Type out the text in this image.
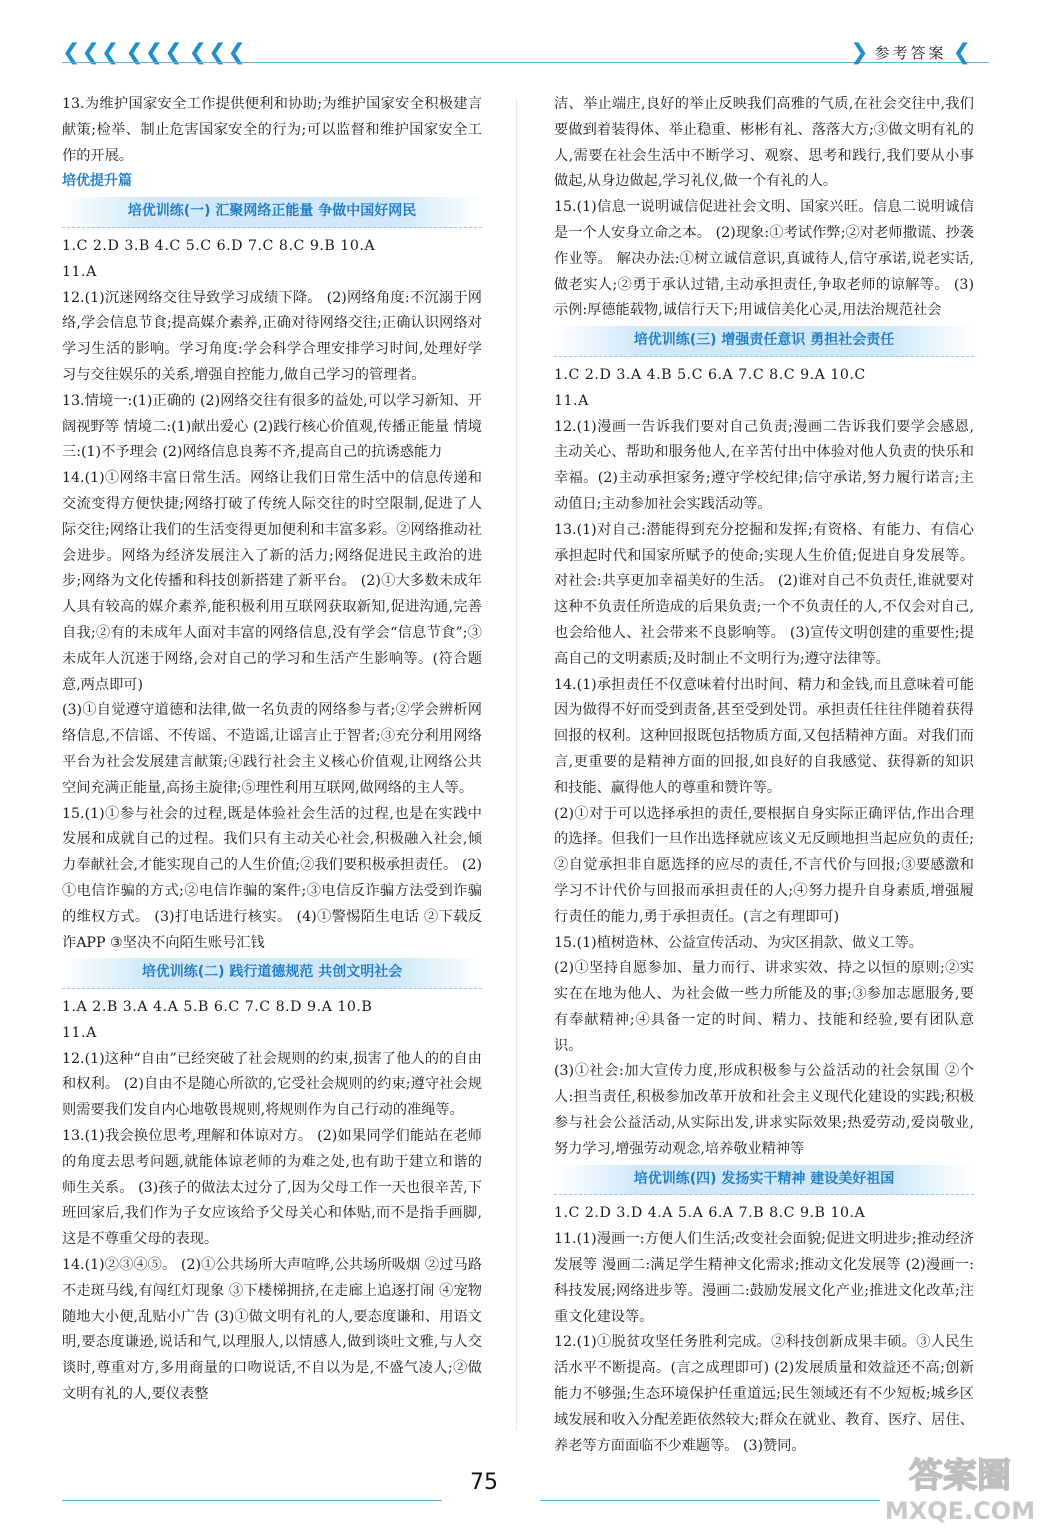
❮ ❮ ❮ ❮ ❮ ❮ ❮ ❮ ❮	❯ 参考答案 ❮

13.为维护国家安全工作提供便利和协助;为维护国家安全积极建言献策;检举、制止危害国家安全的行为;可以监督和维护国家安全工作的开展。

培优提升篇

培优训练(一) 汇聚网络正能量 争做中国好网民

1.C 2.D 3.B 4.C 5.C 6.D 7.C 8.C 9.B 10.A

11.A

12.(1)沉迷网络交往导致学习成绩下降。 (2)网络角度:不沉溺于网络,学会信息节食;提高媒介素养,正确对待网络交往;正确认识网络对学习生活的影响。学习角度:学会科学合理安排学习时间,处理好学习与交往娱乐的关系,增强自控能力,做自己学习的管理者。

13.情境一:(1)正确的 (2)网络交往有很多的益处,可以学习新知、开阔视野等 情境二:(1)献出爱心 (2)践行核心价值观,传播正能量 情境三:(1)不予理会 (2)网络信息良莠不齐,提高自己的抗诱惑能力

14.(1)①网络丰富日常生活。网络让我们日常生活中的信息传递和交流变得方便快捷;网络打破了传统人际交往的时空限制,促进了人际交往;网络让我们的生活变得更加便利和丰富多彩。②网络推动社会进步。网络为经济发展注入了新的活力;网络促进民主政治的进步;网络为文化传播和科技创新搭建了新平台。 (2)①大多数未成年人具有较高的媒介素养,能积极利用互联网获取新知,促进沟通,完善自我;②有的未成年人面对丰富的网络信息,没有学会“信息节食”;③未成年人沉迷于网络,会对自己的学习和生活产生影响等。(符合题意,两点即可)

(3)①自觉遵守道德和法律,做一名负责的网络参与者;②学会辨析网络信息,不信谣、不传谣、不造谣,让谣言止于智者;③充分利用网络平台为社会发展建言献策;④践行社会主义核心价值观,让网络公共空间充满正能量,高扬主旋律;⑤理性利用互联网,做网络的主人等。

15.(1)①参与社会的过程,既是体验社会生活的过程,也是在实践中发展和成就自己的过程。我们只有主动关心社会,积极融入社会,倾力奉献社会,才能实现自己的人生价值;②我们要积极承担责任。 (2)①电信诈骗的方式;②电信诈骗的案件;③电信反诈骗方法受到诈骗的维权方式。 (3)打电话进行核实。 (4)①警惕陌生电话 ②下载反诈APP ③坚决不向陌生账号汇钱

培优训练(二) 践行道德规范 共创文明社会

1.A 2.B 3.A 4.A 5.B 6.C 7.C 8.D 9.A 10.B

11.A

12.(1)这种“自由”已经突破了社会规则的约束,损害了他人的的自由和权利。 (2)自由不是随心所欲的,它受社会规则的约束;遵守社会规则需要我们发自内心地敬畏规则,将规则作为自己行动的准绳等。

13.(1)我会换位思考,理解和体谅对方。 (2)如果同学们能站在老师的角度去思考问题,就能体谅老师的为难之处,也有助于建立和谐的师生关系。 (3)孩子的做法太过分了,因为父母工作一天也很辛苦,下班回家后,我们作为子女应该给予父母关心和体贴,而不是指手画脚,这是不尊重父母的表现。

14.(1)②③④⑤。 (2)①公共场所大声喧哗,公共场所吸烟 ②过马路不走斑马线,有闯红灯现象 ③下楼梯拥挤,在走廊上追逐打闹 ④宠物随地大小便,乱贴小广告 (3)①做文明有礼的人,要态度谦和、用语文明,要态度谦逊,说话和气,以理服人,以情感人,做到谈吐文雅,与人交谈时,尊重对方,多用商量的口吻说话,不自以为是,不盛气凌人;②做文明有礼的人,要仪表整

洁、举止端庄,良好的举止反映我们高雅的气质,在社会交往中,我们要做到着装得体、举止稳重、彬彬有礼、落落大方;③做文明有礼的人,需要在社会生活中不断学习、观察、思考和践行,我们要从小事做起,从身边做起,学习礼仪,做一个有礼的人。

15.(1)信息一说明诚信促进社会文明、国家兴旺。信息二说明诚信是一个人安身立命之本。 (2)现象:①考试作弊;②对老师撒谎、抄袭作业等。 解决办法:①树立诚信意识,真诚待人,信守承诺,说老实话,做老实人;②勇于承认过错,主动承担责任,争取老师的谅解等。 (3)示例:厚德能载物,诚信行天下;用诚信美化心灵,用法治规范社会

培优训练(三) 增强责任意识 勇担社会责任

1.C 2.D 3.A 4.B 5.C 6.A 7.C 8.C 9.A 10.C

11.A

12.(1)漫画一告诉我们要对自己负责;漫画二告诉我们要学会感恩,主动关心、帮助和服务他人,在辛苦付出中体验对他人负责的快乐和幸福。(2)主动承担家务;遵守学校纪律;信守承诺,努力履行诺言;主动值日;主动参加社会实践活动等。

13.(1)对自己:潜能得到充分挖掘和发挥;有资格、有能力、有信心承担起时代和国家所赋予的使命;实现人生价值;促进自身发展等。对社会:共享更加幸福美好的生活。 (2)谁对自己不负责任,谁就要对这种不负责任所造成的后果负责;一个不负责任的人,不仅会对自己,也会给他人、社会带来不良影响等。 (3)宣传文明创建的重要性;提高自己的文明素质;及时制止不文明行为;遵守法律等。

14.(1)承担责任不仅意味着付出时间、精力和金钱,而且意味着可能因为做得不好而受到责备,甚至受到处罚。承担责任往往伴随着获得回报的权利。这种回报既包括物质方面,又包括精神方面。对我们而言,更重要的是精神方面的回报,如良好的自我感觉、获得新的知识和技能、赢得他人的尊重和赞许等。

(2)①对于可以选择承担的责任,要根据自身实际正确评估,作出合理的选择。但我们一旦作出选择就应该义无反顾地担当起应负的责任;②自觉承担非自愿选择的应尽的责任,不言代价与回报;③要感激和学习不计代价与回报而承担责任的人;④努力提升自身素质,增强履行责任的能力,勇于承担责任。(言之有理即可)

15.(1)植树造林、公益宣传活动、为灾区捐款、做义工等。

(2)①坚持自愿参加、量力而行、讲求实效、持之以恒的原则;②实实在在地为他人、为社会做一些力所能及的事;③参加志愿服务,要有奉献精神;④具备一定的时间、精力、技能和经验,要有团队意识。

(3)①社会:加大宣传力度,形成积极参与公益活动的社会氛围 ②个人:担当责任,积极参加改革开放和社会主义现代化建设的实践;积极参与社会公益活动,从实际出发,讲求实际效果;热爱劳动,爱岗敬业,努力学习,增强劳动观念,培养敬业精神等

培优训练(四) 发扬实干精神 建设美好祖国

1.C 2.D 3.D 4.A 5.A 6.A 7.B 8.C 9.B 10.A

11.(1)漫画一:方便人们生活;改变社会面貌;促进文明进步;推动经济发展等 漫画二:满足学生精神文化需求;推动文化发展等 (2)漫画一:科技发展;网络进步等。漫画二:鼓励发展文化产业;推进文化改革;注重文化建设等。

12.(1)①脱贫攻坚任务胜利完成。②科技创新成果丰硕。③人民生活水平不断提高。(言之成理即可) (2)发展质量和效益还不高;创新能力不够强;生态环境保护任重道远;民生领域还有不少短板;城乡区域发展和收入分配差距依然较大;群众在就业、教育、医疗、居住、养老等方面面临不少难题等。 (3)赞同。

75	答案圈
MXQE.COM
